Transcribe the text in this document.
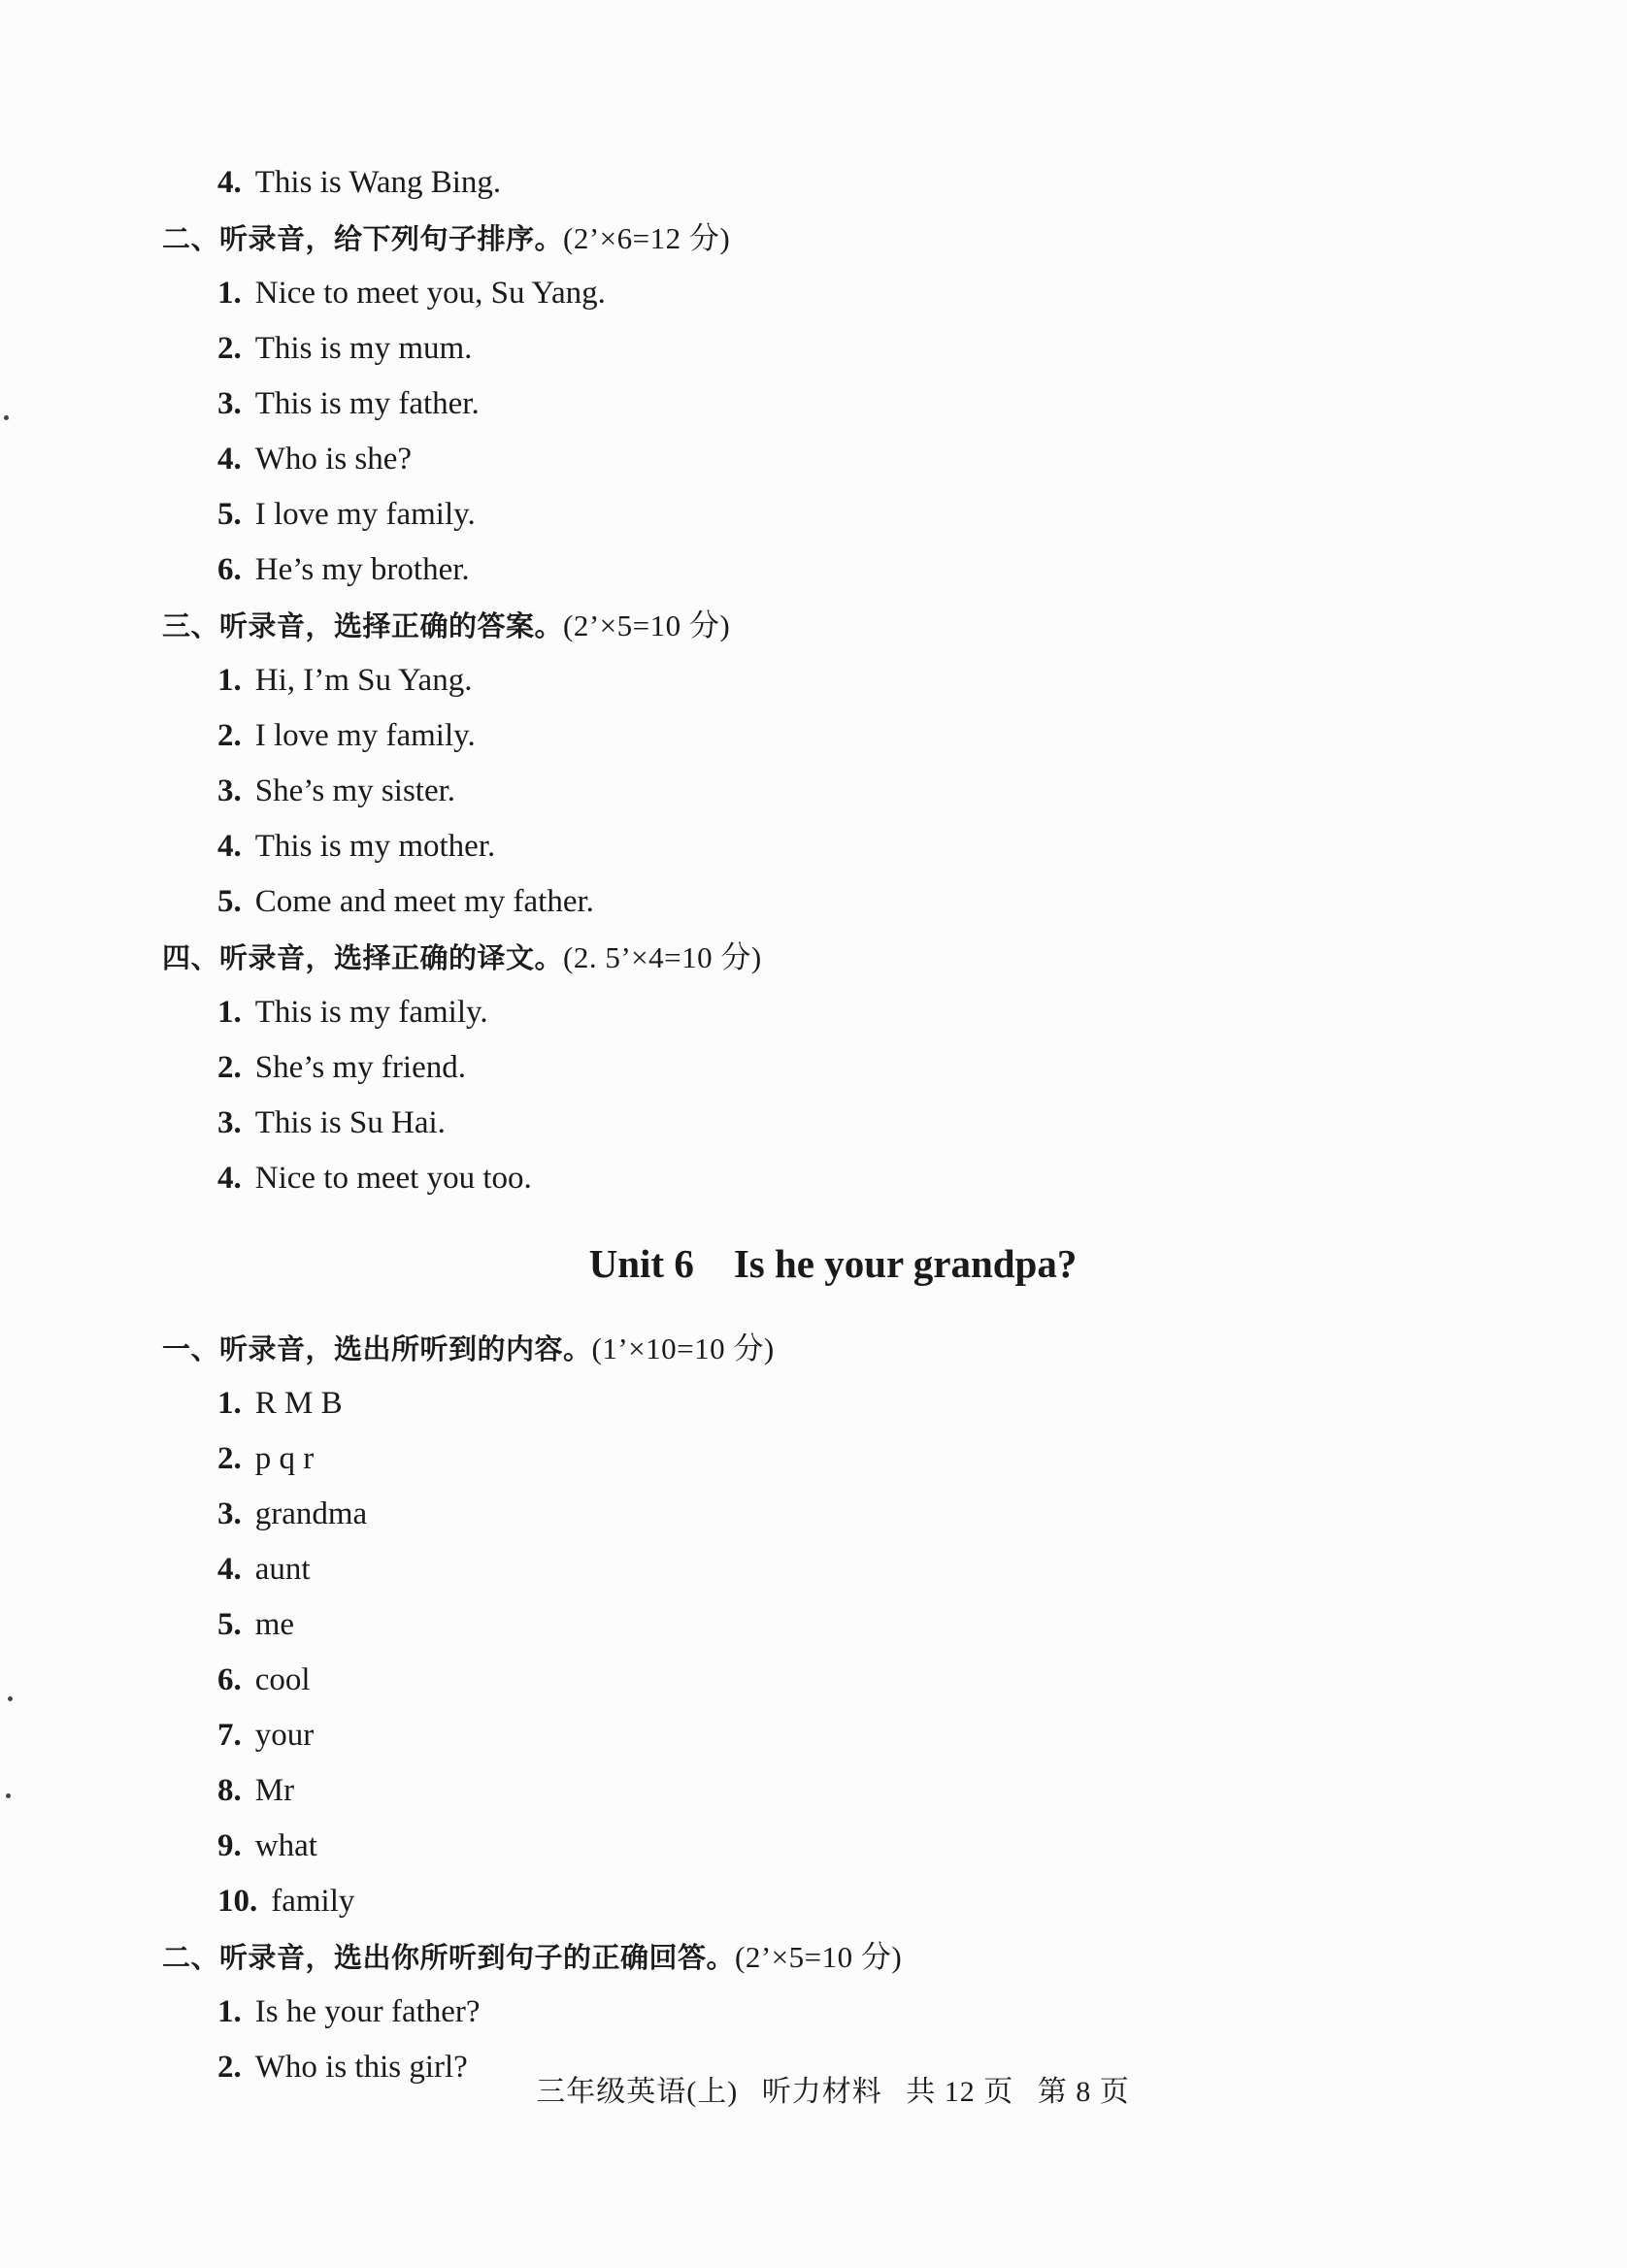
4. This is Wang Bing.
二、听录音，给下列句子排序。(2’×6=12 分)
1. Nice to meet you, Su Yang.
2. This is my mum.
3. This is my father.
4. Who is she?
5. I love my family.
6. He’s my brother.
三、听录音，选择正确的答案。(2’×5=10 分)
1. Hi, I’m Su Yang.
2. I love my family.
3. She’s my sister.
4. This is my mother.
5. Come and meet my father.
四、听录音，选择正确的译文。(2. 5’×4=10 分)
1. This is my family.
2. She’s my friend.
3. This is Su Hai.
4. Nice to meet you too.
Unit 6    Is he your grandpa?
一、听录音，选出所听到的内容。(1’×10=10 分)
1. R M B
2. p q r
3. grandma
4. aunt
5. me
6. cool
7. your
8. Mr
9. what
10. family
二、听录音，选出你所听到句子的正确回答。(2’×5=10 分)
1. Is he your father?
2. Who is this girl?
三年级英语(上) 听力材料 共 12 页 第 8 页
